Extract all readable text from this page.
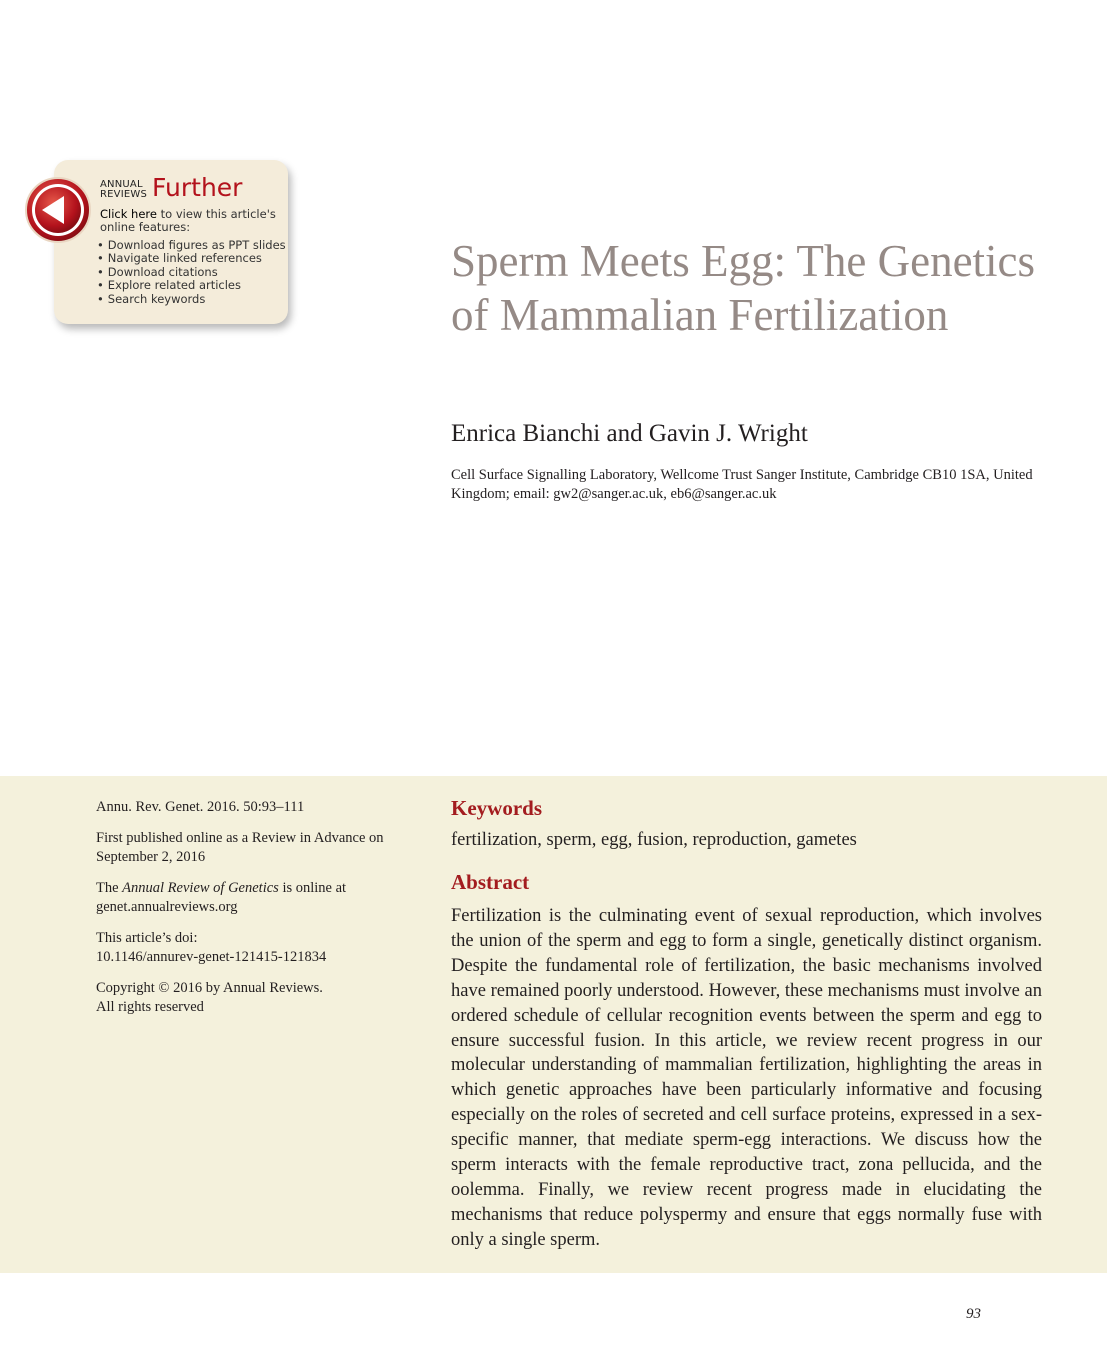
ANNUAL
REVIEWS Further
Click here to view this article's online features:
• Download figures as PPT slides
• Navigate linked references
• Download citations
• Explore related articles
• Search keywords
Sperm Meets Egg: The Genetics of Mammalian Fertilization
Enrica Bianchi and Gavin J. Wright

Cell Surface Signalling Laboratory, Wellcome Trust Sanger Institute, Cambridge CB10 1SA, United Kingdom; email: gw2@sanger.ac.uk, eb6@sanger.ac.uk

Annu. Rev. Genet. 2016. 50:93–111

First published online as a Review in Advance on September 2, 2016

The Annual Review of Genetics is online at genet.annualreviews.org

This article’s doi:
10.1146/annurev-genet-121415-121834

Copyright © 2016 by Annual Reviews.
All rights reserved

Keywords

fertilization, sperm, egg, fusion, reproduction, gametes

Abstract

Fertilization is the culminating event of sexual reproduction, which involves the union of the sperm and egg to form a single, genetically distinct organism. Despite the fundamental role of fertilization, the basic mechanisms involved have remained poorly understood. However, these mechanisms must involve an ordered schedule of cellular recognition events between the sperm and egg to ensure successful fusion. In this article, we review recent progress in our molecular understanding of mammalian fertilization, highlighting the areas in which genetic approaches have been particularly informative and focusing especially on the roles of secreted and cell surface proteins, expressed in a sex-specific manner, that mediate sperm-egg interactions. We discuss how the sperm interacts with the female reproductive tract, zona pellucida, and the oolemma. Finally, we review recent progress made in elucidating the mechanisms that reduce polyspermy and ensure that eggs normally fuse with only a single sperm.

93
